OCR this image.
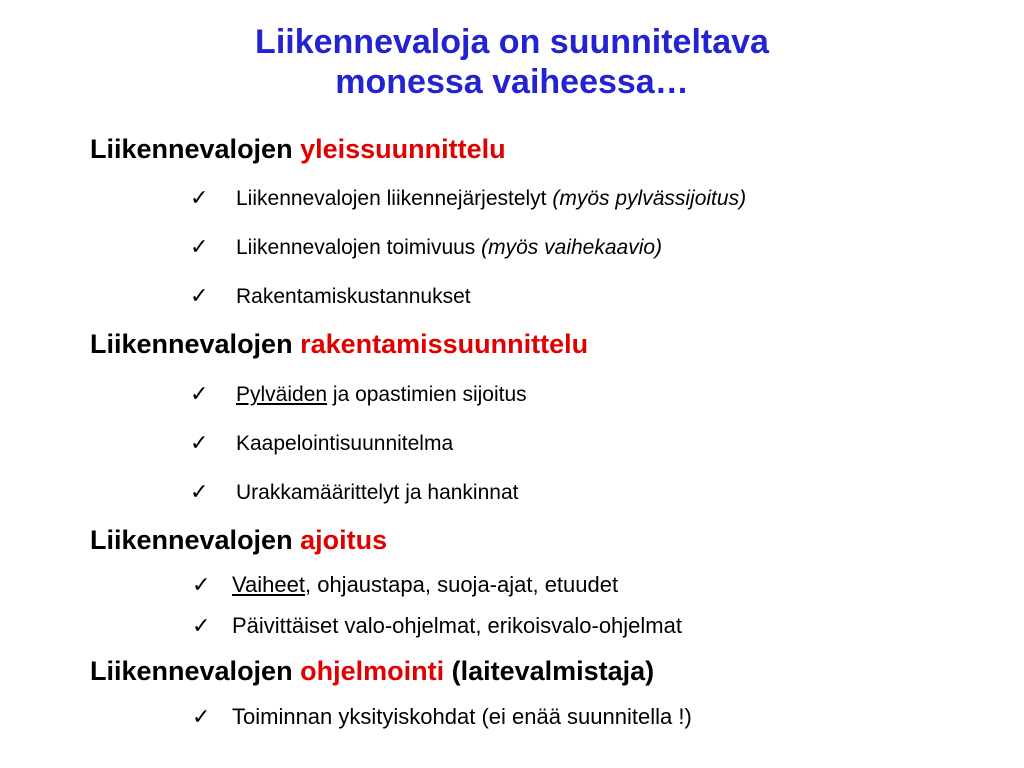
Liikennevaloja on suunniteltava
monessa vaiheessa…
Liikennevalojen yleissuunnittelu
✓ Liikennevalojen liikennejärjestelyt (myös pylvässijoitus)
✓ Liikennevalojen toimivuus (myös vaihekaavio)
✓ Rakentamiskustannukset
Liikennevalojen rakentamissuunnittelu
✓ Pylväiden ja opastimien sijoitus
✓ Kaapelointisuunnitelma
✓ Urakkamäärittelyt ja hankinnat
Liikennevalojen ajoitus
✓ Vaiheet, ohjaustapa, suoja-ajat, etuudet
✓ Päivittäiset valo-ohjelmat, erikoisvalo-ohjelmat
Liikennevalojen ohjelmointi (laitevalmistaja)
✓ Toiminnan yksityiskohdat (ei enää suunnitella !)
